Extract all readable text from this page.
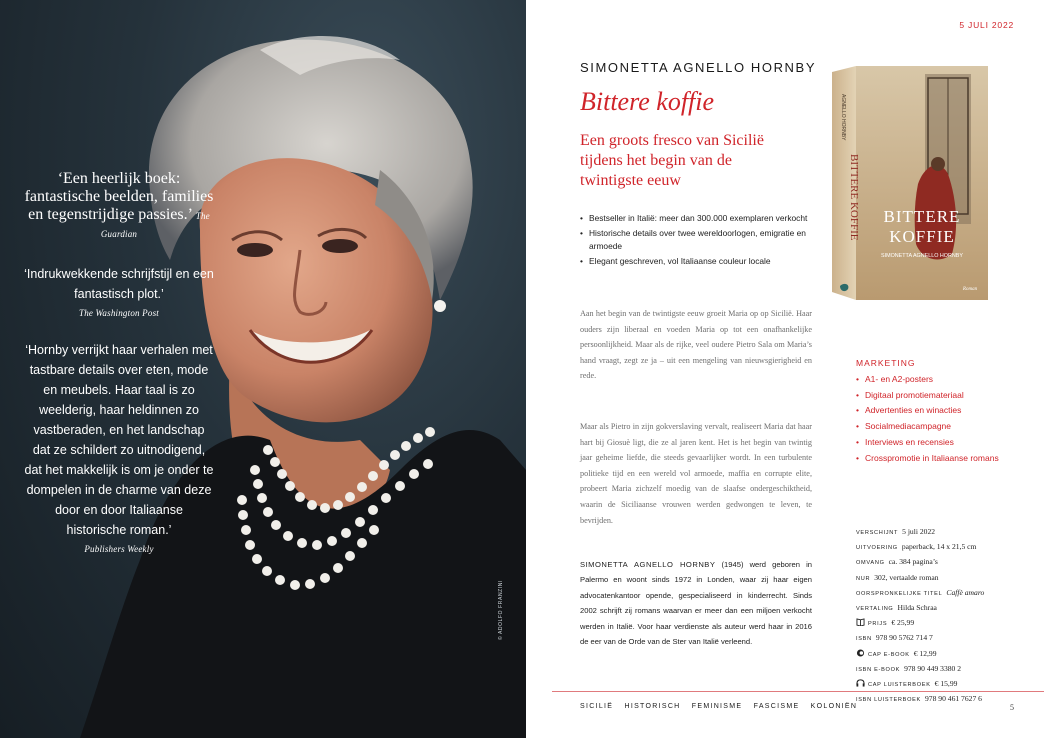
‘Een heerlijk boek: fantastische beelden, families en tegenstrijdige passies.’ The Guardian
‘Indrukwekkende schrijfstijl en een fantastisch plot.’
The Washington Post
‘Hornby verrijkt haar verhalen met tastbare details over eten, mode en meubels. Haar taal is zo weelderig, haar heldinnen zo vastberaden, en het landschap dat ze schildert zo uitnodigend, dat het makkelijk is om je onder te dompelen in de charme van deze door en door Italiaanse historische roman.’
Publishers Weekly
© ADOLFO FRANZINI
5 JULI 2022
SIMONETTA AGNELLO HORNBY
Bittere koffie
Een groots fresco van Sicilië tijdens het begin van de twintigste eeuw
• Bestseller in Italië: meer dan 300.000 exemplaren verkocht
• Historische details over twee wereldoorlogen, emigratie en armoede
• Elegant geschreven, vol Italiaanse couleur locale

Aan het begin van de twintigste eeuw groeit Maria op op Sicilië. Haar ouders zijn liberaal en voeden Maria op tot een onafhankelijke persoonlijkheid. Maar als de rijke, veel oudere Pietro Sala om Maria’s hand vraagt, zegt ze ja – uit een mengeling van nieuwsgierigheid en rede.

Maar als Pietro in zijn gokverslaving vervalt, realiseert Maria dat haar hart bij Giosuè ligt, die ze al jaren kent. Het is het begin van twintig jaar geheime liefde, die steeds gevaarlijker wordt. In een turbulente politieke tijd en een wereld vol armoede, maffia en corrupte elite, probeert Maria zichzelf moedig van de slaafse ondergeschiktheid, waarin de Siciliaanse vrouwen werden gedwongen te leven, te bevrijden.

SIMONETTA AGNELLO HORNBY (1945) werd geboren in Palermo en woont sinds 1972 in Londen, waar zij haar eigen advocatenkantoor opende, gespecialiseerd in kinderrecht. Sinds 2002 schrijft zij romans waarvan er meer dan een miljoen verkocht werden in Italië. Voor haar verdienste als auteur werd haar in 2016 de eer van de Orde van de Ster van Italië verleend.

BITTERE
KOFFIE
SIMONETTA AGNELLO HORNBY
Roman
AGNELLO HORNBY
BITTERE KOFFIE
MARKETING
• A1- en A2-posters
• Digitaal promotiemateriaal
• Advertenties en winacties
• Socialmediacampagne
• Interviews en recensies
• Crosspromotie in Italiaanse romans
VERSCHIJNT 5 juli 2022
UITVOERING paperback, 14 x 21,5 cm
OMVANG ca. 384 pagina’s
NUR 302, vertaalde roman
OORSPRONKELIJKE TITEL Caffè amaro
VERTALING Hilda Schraa
PRIJS € 25,99
ISBN 978 90 5762 714 7
CAP E-BOOK € 12,99
ISBN E-BOOK 978 90 449 3380 2
CAP LUISTERBOEK € 15,99
ISBN LUISTERBOEK 978 90 461 7627 6
SICILIË HISTORISCH FEMINISME FASCISME KOLONIËN	5
